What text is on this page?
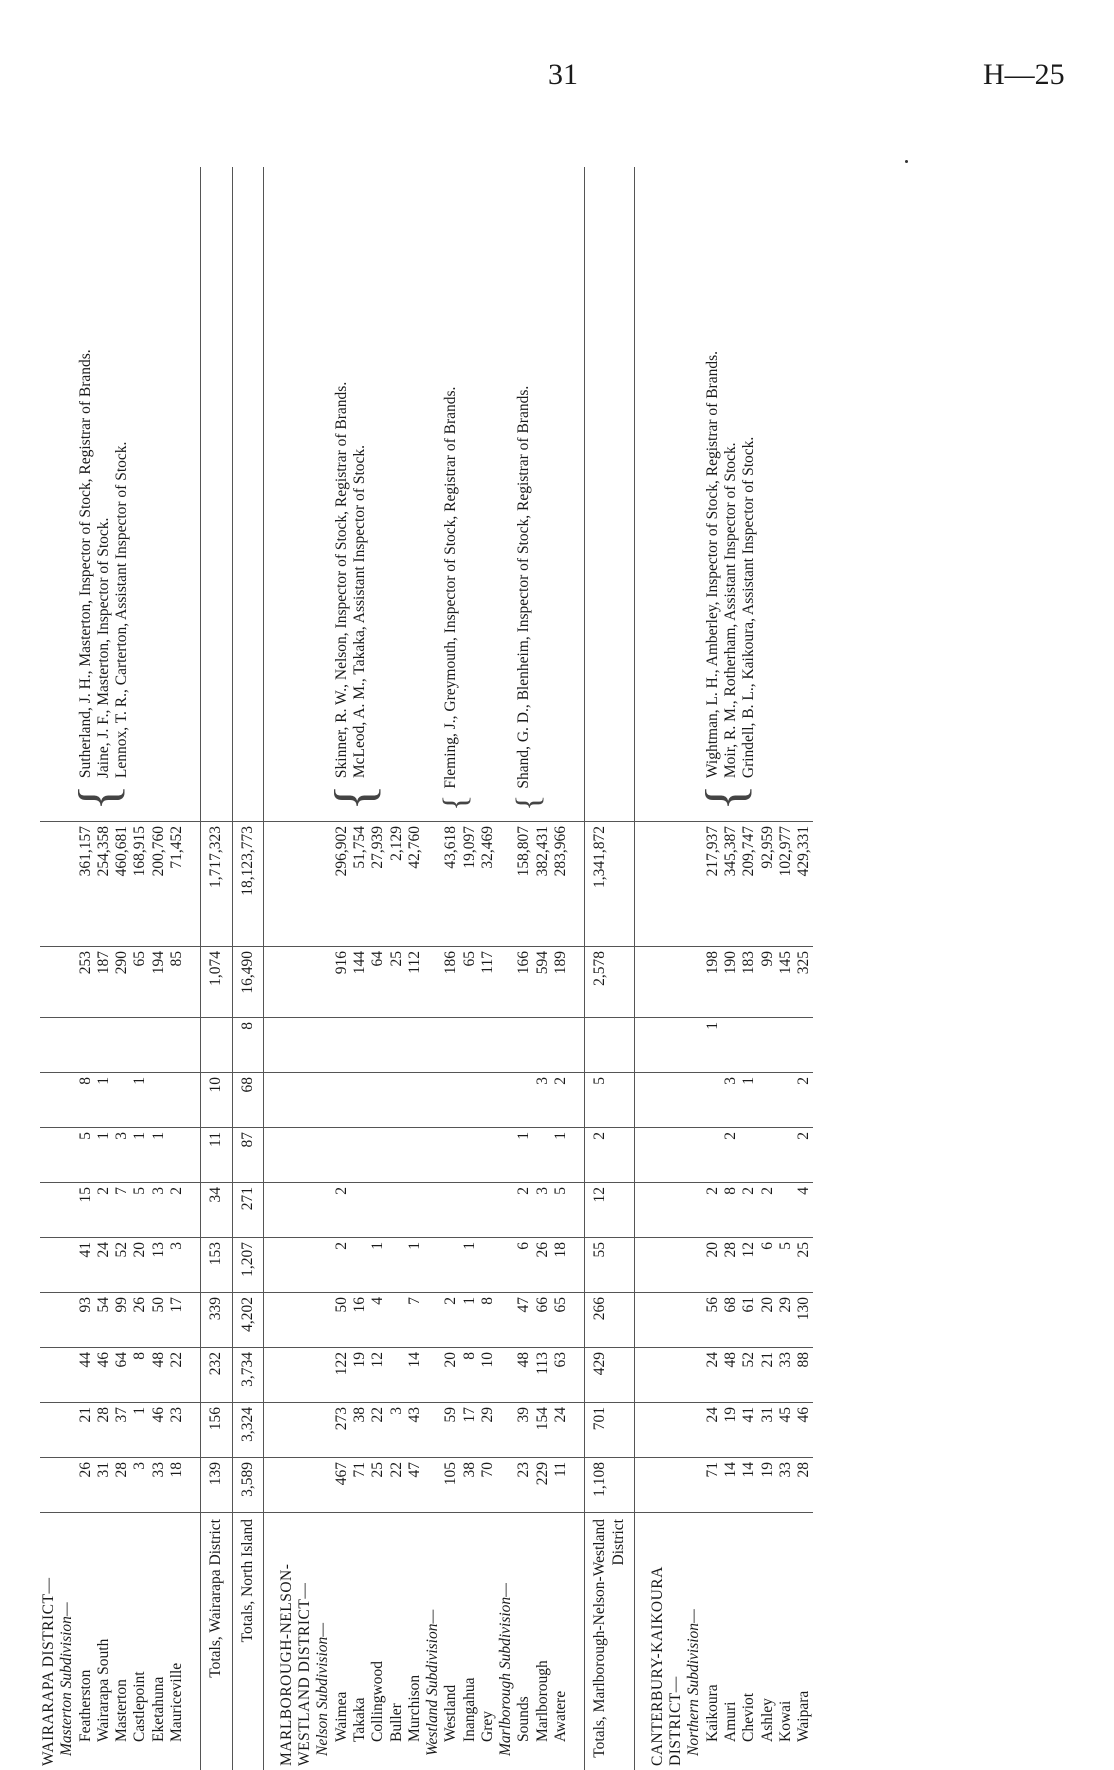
31	H—25
WAIRARAPA DISTRICT—												
Masterton Subdivision—												
Featherston	26	21	44	93	41	15	5	8		253	361,157	{
Sutherland, J. H., Masterton, Inspector of Stock, Registrar of Brands. Jaine, J. F., Masterton, Inspector of Stock. Lennox, T. R., Carterton, Assistant Inspector of Stock.

Wairarapa South	31	28	46	54	24	2	1	1		187	254,358	
Masterton	28	37	64	99	52	7	3			290	460,681	
Castlepoint	3	1	8	26	20	5	1	1		65	168,915	
Eketahuna	33	46	48	50	13	3	1			194	200,760	
Mauriceville	18	23	22	17	3	2				85	71,452	

Totals, Wairarapa District	139	156	232	339	153	34	11	10		1,074	1,717,323	
Totals, North Island	3,589	3,324	3,734	4,202	1,207	271	87	68	8	16,490	18,123,773	

MARLBOROUGH-NELSON-WESTLAND DISTRICT—												
Nelson Subdivision—												
Waimea	467	273	122	50	2	2				916	296,902	{
Skinner, R. W., Nelson, Inspector of Stock, Registrar of Brands. McLeod, A. M., Takaka, Assistant Inspector of Stock.

Takaka	71	38	19	16						144	51,754	
Collingwood	25	22	12	4	1					64	27,939	
Buller	22	3								25	2,129	
Murchison	47	43	14	7	1					112	42,760	
Westland Subdivision—												
Westland	105	59	20	2						186	43,618	{
Fleming, J., Greymouth, Inspector of Stock, Registrar of Brands.

Inangahua	38	17	8	1	1					65	19,097	
Grey	70	29	10	8						117	32,469	
Marlborough Subdivision—												
Sounds	23	39	48	47	6	2	1			166	158,807	{
Shand, G. D., Blenheim, Inspector of Stock, Registrar of Brands.

Marlborough	229	154	113	66	26	3		3		594	382,431	
Awatere	11	24	63	65	18	5	1	2		189	283,966	

Totals, Marlborough-Nelson-Westland District	1,108	701	429	266	55	12	2	5		2,578	1,341,872	

CANTERBURY-KAIKOURA DISTRICT—												
Northern Subdivision—												
Kaikoura	71	24	24	56	20	2			1	198	217,937	{
Wightman, L. H., Amberley, Inspector of Stock, Registrar of Brands. Moir, R. M., Rotherham, Assistant Inspector of Stock. Grindell, B. L., Kaikoura, Assistant Inspector of Stock.

Amuri	14	19	48	68	28	8	2	3		190	345,387	
Cheviot	14	41	52	61	12	2		1		183	209,747	
Ashley	19	31	21	20	6	2				99	92,959	
Kowai	33	45	33	29	5					145	102,977	
Waipara	28	46	88	130	25	4	2	2		325	429,331	
